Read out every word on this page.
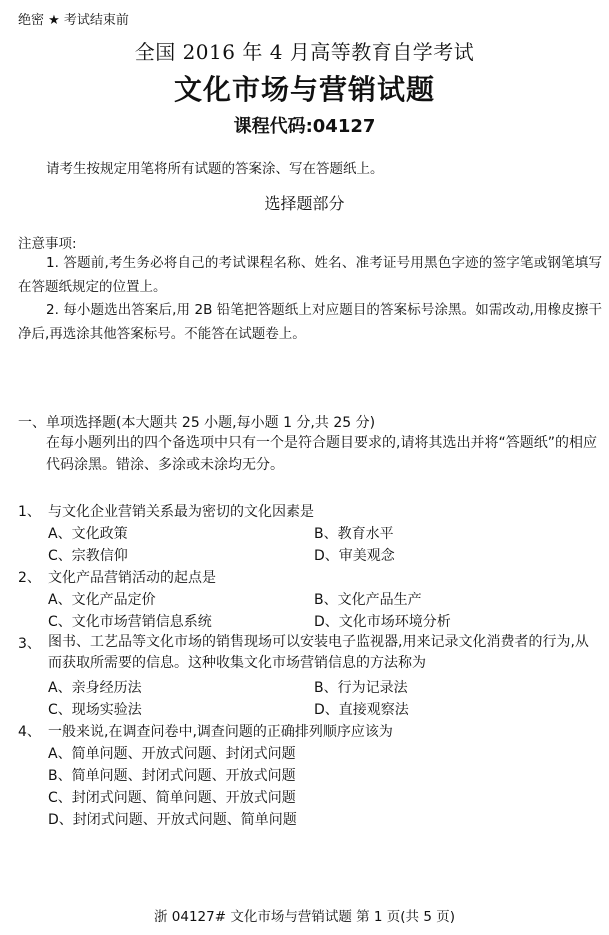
绝密 ★ 考试结束前
全国 2016 年 4 月高等教育自学考试
文化市场与营销试题
课程代码:04127
请考生按规定用笔将所有试题的答案涂、写在答题纸上。
选择题部分
注意事项:
1. 答题前,考生务必将自己的考试课程名称、姓名、准考证号用黑色字迹的签字笔或钢笔填写在答题纸规定的位置上。
2. 每小题选出答案后,用 2B 铅笔把答题纸上对应题目的答案标号涂黑。如需改动,用橡皮擦干净后,再选涂其他答案标号。不能答在试题卷上。
一、单项选择题(本大题共 25 小题,每小题 1 分,共 25 分)
在每小题列出的四个备选项中只有一个是符合题目要求的,请将其选出并将“答题纸”的相应代码涂黑。错涂、多涂或未涂均无分。
1、 与文化企业营销关系最为密切的文化因素是
A、文化政策	B、教育水平
C、宗教信仰	D、审美观念
2、 文化产品营销活动的起点是
A、文化产品定价	B、文化产品生产
C、文化市场营销信息系统	D、文化市场环境分析
3、 图书、工艺品等文化市场的销售现场可以安装电子监视器,用来记录文化消费者的行为,从而获取所需要的信息。这种收集文化市场营销信息的方法称为
A、亲身经历法	B、行为记录法
C、现场实验法	D、直接观察法
4、 一般来说,在调查问卷中,调查问题的正确排列顺序应该为
A、简单问题、开放式问题、封闭式问题
B、简单问题、封闭式问题、开放式问题
C、封闭式问题、简单问题、开放式问题
D、封闭式问题、开放式问题、简单问题
浙 04127# 文化市场与营销试题 第 1 页(共 5 页)
